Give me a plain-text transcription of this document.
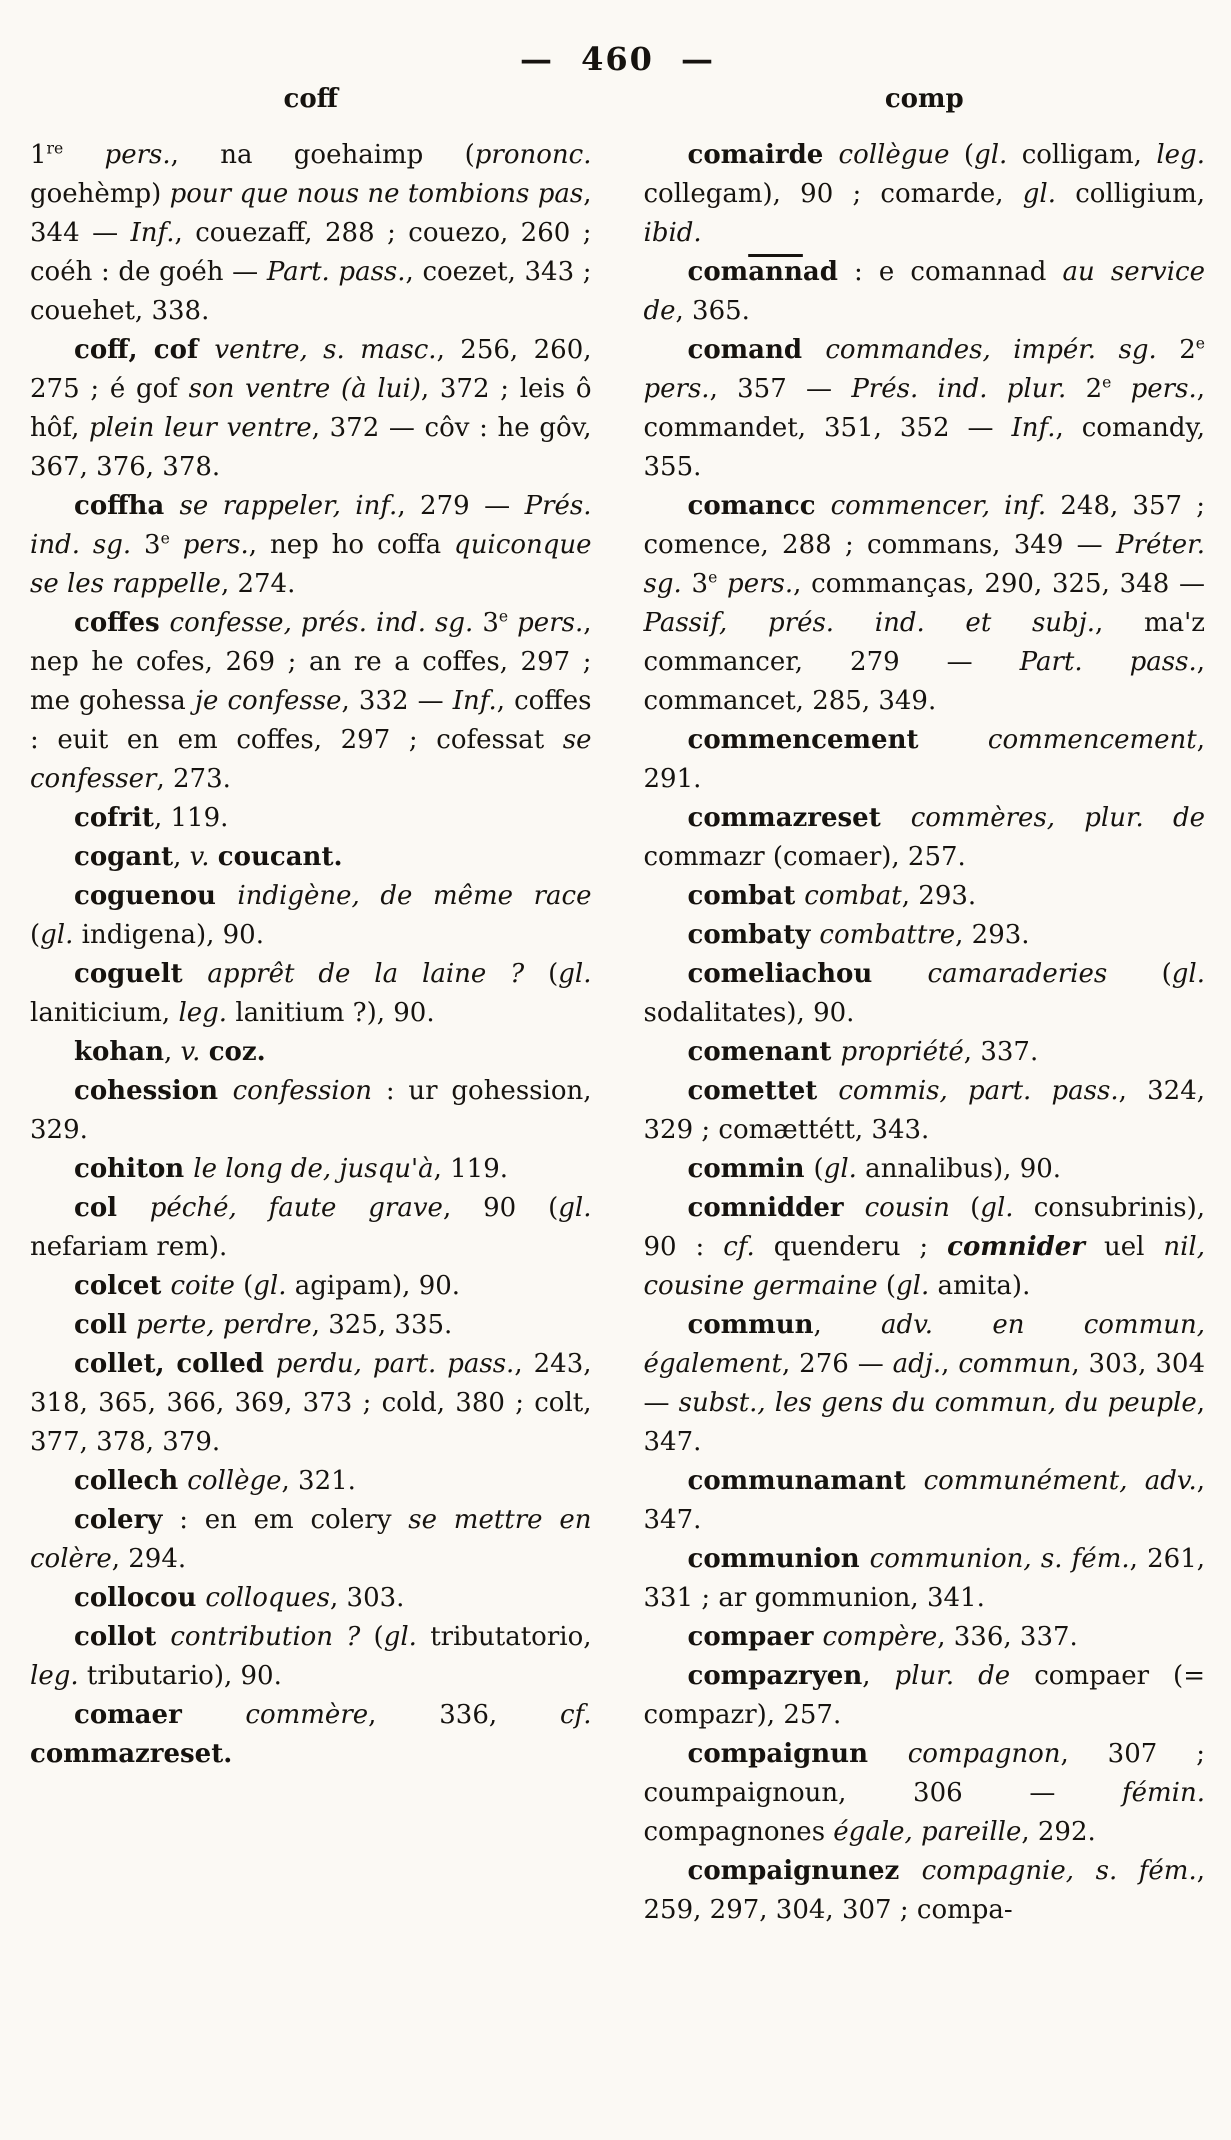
— 460 —

coff

1re pers., na goehaimp (prononc. goehèmp) pour que nous ne tombions pas, 344 — Inf., couezaff, 288 ; couezo, 260 ; coéh : de goéh — Part. pass., coezet, 343 ; couehet, 338.

coff, cof ventre, s. masc., 256, 260, 275 ; é gof son ventre (à lui), 372 ; leis ô hôf, plein leur ventre, 372 — côv : he gôv, 367, 376, 378.

coffha se rappeler, inf., 279 — Prés. ind. sg. 3e pers., nep ho coffa quiconque se les rappelle, 274.

coffes confesse, prés. ind. sg. 3e pers., nep he cofes, 269 ; an re a coffes, 297 ; me gohessa je confesse, 332 — Inf., coffes : euit en em coffes, 297 ; cofessat se confesser, 273.

cofrit, 119.

cogant, v. coucant.

coguenou indigène, de même race (gl. indigena), 90.

coguelt apprêt de la laine ? (gl. laniticium, leg. lanitium ?), 90.

kohan, v. coz.

cohession confession : ur gohession, 329.

cohiton le long de, jusqu'à, 119.

col péché, faute grave, 90 (gl. nefariam rem).

colcet coite (gl. agipam), 90.

coll perte, perdre, 325, 335.

collet, colled perdu, part. pass., 243, 318, 365, 366, 369, 373 ; cold, 380 ; colt, 377, 378, 379.

collech collège, 321.

colery : en em colery se mettre en colère, 294.

collocou colloques, 303.

collot contribution ? (gl. tributatorio, leg. tributario), 90.

comaer commère, 336, cf. commazreset.

comp

comairde collègue (gl. colligam, leg. collegam), 90 ; comarde, gl. colligium, ibid.

$com\overline{ann}ad$ : e comannad au service de, 365.

comand commandes, impér. sg. 2e pers., 357 — Prés. ind. plur. 2e pers., commandet, 351, 352 — Inf., comandy, 355.

comancc commencer, inf. 248, 357 ; comence, 288 ; commans, 349 — Préter. sg. 3e pers., commanças, 290, 325, 348 — Passif, prés. ind. et subj., ma'z commancer, 279 — Part. pass., commancet, 285, 349.

commencement commencement, 291.

commazreset commères, plur. de commazr (comaer), 257.

combat combat, 293.

combaty combattre, 293.

comeliachou camaraderies (gl. sodalitates), 90.

comenant propriété, 337.

comettet commis, part. pass., 324, 329 ; comættétt, 343.

commin (gl. annalibus), 90.

comnidder cousin (gl. consubrinis), 90 : cf. quenderu ; comnider uel nil, cousine germaine (gl. amita).

commun, adv. en commun, également, 276 — adj., commun, 303, 304 — subst., les gens du commun, du peuple, 347.

communamant communément, adv., 347.

communion communion, s. fém., 261, 331 ; ar gommunion, 341.

compaer compère, 336, 337.

compazryen, plur. de compaer (= compazr), 257.

compaignun compagnon, 307 ; coumpaignoun, 306 — fémin. compagnones égale, pareille, 292.

compaignunez compagnie, s. fém., 259, 297, 304, 307 ; compa-
